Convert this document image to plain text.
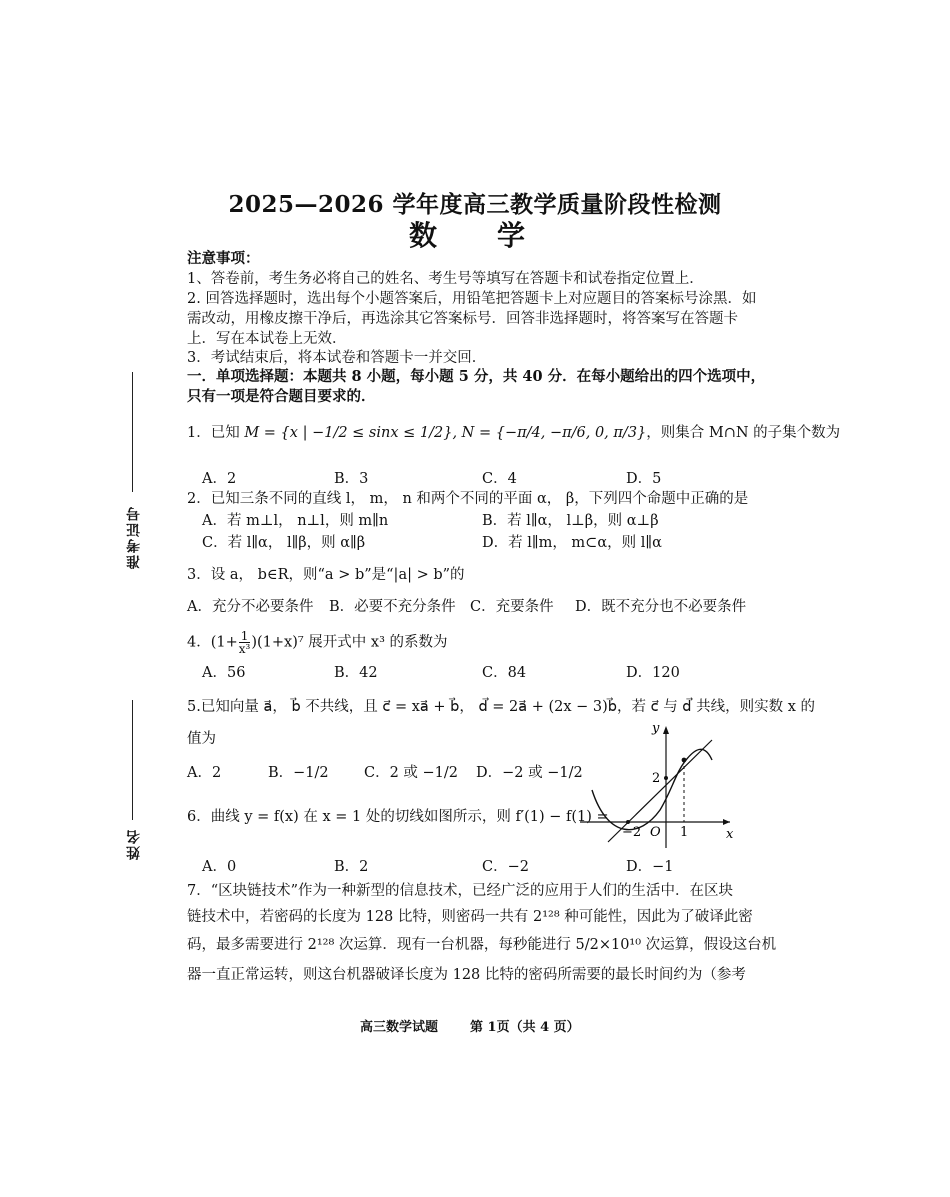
2025—2026 学年度高三教学质量阶段性检测
数　学
准考证号
姓名
注意事项：
1、答卷前，考生务必将自己的姓名、考生号等填写在答题卡和试卷指定位置上．
2. 回答选择题时，选出每个小题答案后，用铅笔把答题卡上对应题目的答案标号涂黑．如
需改动，用橡皮擦干净后，再选涂其它答案标号．回答非选择题时，将答案写在答题卡
上．写在本试卷上无效．
3．考试结束后，将本试卷和答题卡一并交回．
一．单项选择题：本题共 8 小题，每小题 5 分，共 40 分．在每小题给出的四个选项中，
只有一项是符合题目要求的．
1．已知 M = {x | −1/2 ≤ sinx ≤ 1/2}, N = {−π/4, −π/6, 0, π/3}，则集合 M∩N 的子集个数为
A．2	B．3	C．4	D．5
2．已知三条不同的直线 l， m， n 和两个不同的平面 α， β，下列四个命题中正确的是
A．若 m⊥l， n⊥l，则 m∥n	B．若 l∥α， l⊥β，则 α⊥β
C．若 l∥α， l∥β，则 α∥β	D．若 l∥m， m⊂α，则 l∥α
3．设 a， b∈R，则“a > b”是“|a| > b”的
A．充分不必要条件 B．必要不充分条件 C．充要条件 D．既不充分也不必要条件
4．$(1+ \frac{1}{\text{x³}} )(1+x)^7$ 展开式中 x³ 的系数为
A．56	B．42	C．84	D．120
5.已知向量 a⃗， b⃗ 不共线，且 c⃗ = xa⃗ + b⃗， d⃗ = 2a⃗ + (2x − 3)b⃗，若 c⃗ 与 d⃗ 共线，则实数 x 的
值为
A．2	B．−1/2 C．2 或 −1/2 D．−2 或 −1/2
6．曲线 y = f(x) 在 x = 1 处的切线如图所示，则 f′(1) − f(1) =
A．0	B．2	C．−2	D．−1
y
x
O
2
−2	1
7．“区块链技术”作为一种新型的信息技术，已经广泛的应用于人们的生活中．在区块
链技术中，若密码的长度为 128 比特，则密码一共有 2¹²⁸ 种可能性，因此为了破译此密
码，最多需要进行 2¹²⁸ 次运算．现有一台机器，每秒能进行 5/2×10¹⁰ 次运算，假设这台机
器一直正常运转，则这台机器破译长度为 128 比特的密码所需要的最长时间约为（参考
高三数学试题 第 1页（共 4 页）
